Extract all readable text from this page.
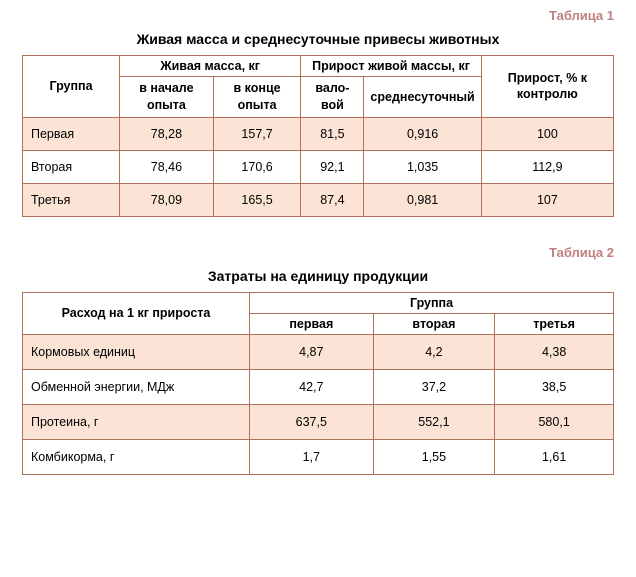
Таблица 1
Живая масса и среднесуточные привесы животных
Группа	Живая масса, кг		Прирост живой массы, кг		Прирост, % к контролю
	в начале опыта	в конце опыта	вало-вой	среднесуточный	
Первая	78,28	157,7	81,5	0,916	100
Вторая	78,46	170,6	92,1	1,035	112,9
Третья	78,09	165,5	87,4	0,981	107
Таблица 2
Затраты на единицу продукции
Расход на 1 кг прироста	Группа		
	первая	вторая	третья
Кормовых единиц	4,87	4,2	4,38
Обменной энергии, МДж	42,7	37,2	38,5
Протеина, г	637,5	552,1	580,1
Комбикорма, г	1,7	1,55	1,61
